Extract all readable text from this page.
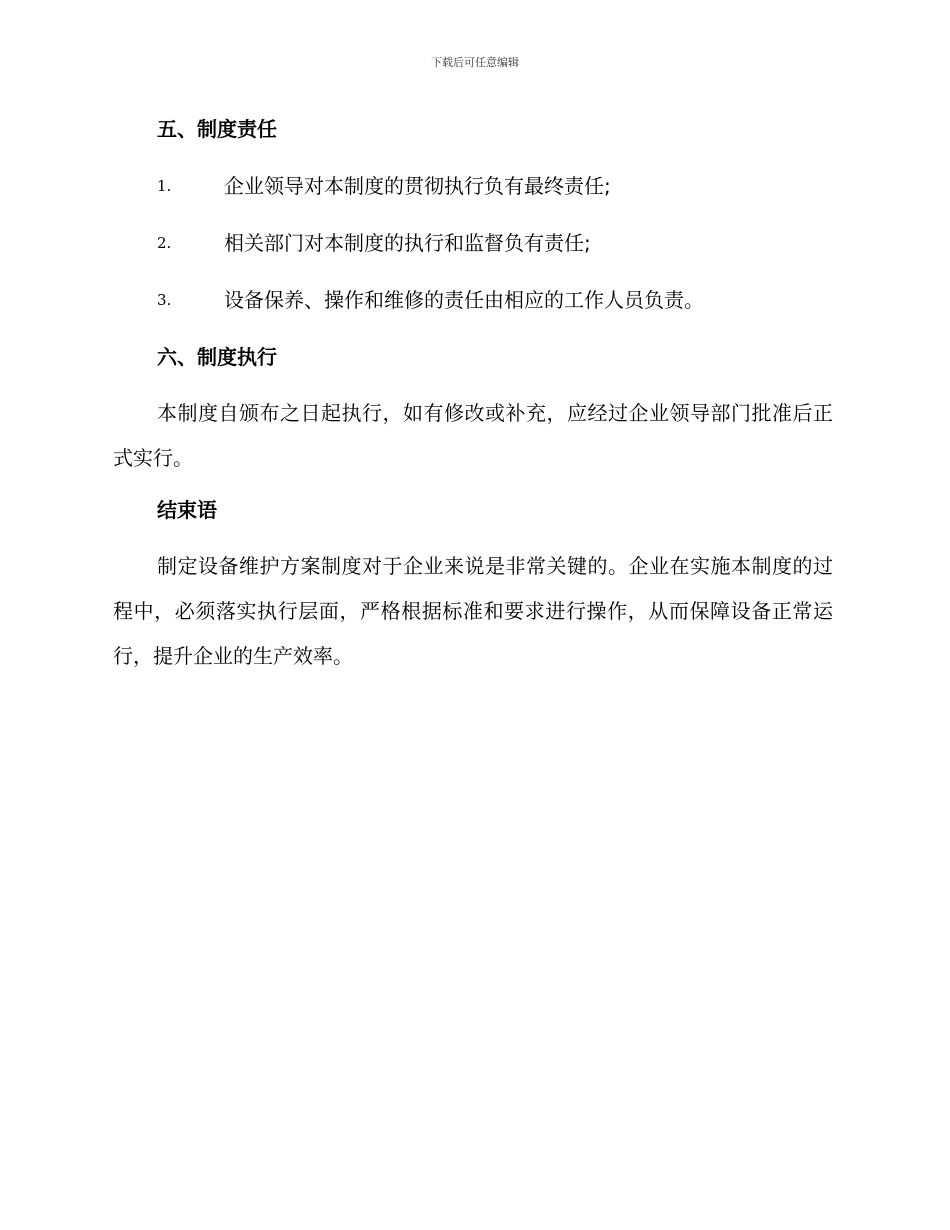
下载后可任意编辑
五、制度责任
1.	企业领导对本制度的贯彻执行负有最终责任;
2.	相关部门对本制度的执行和监督负有责任;
3.	设备保养、操作和维修的责任由相应的工作人员负责。
六、制度执行

本制度自颁布之日起执行，如有修改或补充，应经过企业领导部门批准后正式实行。

结束语

制定设备维护方案制度对于企业来说是非常关键的。企业在实施本制度的过程中，必须落实执行层面，严格根据标准和要求进行操作，从而保障设备正常运行，提升企业的生产效率。
